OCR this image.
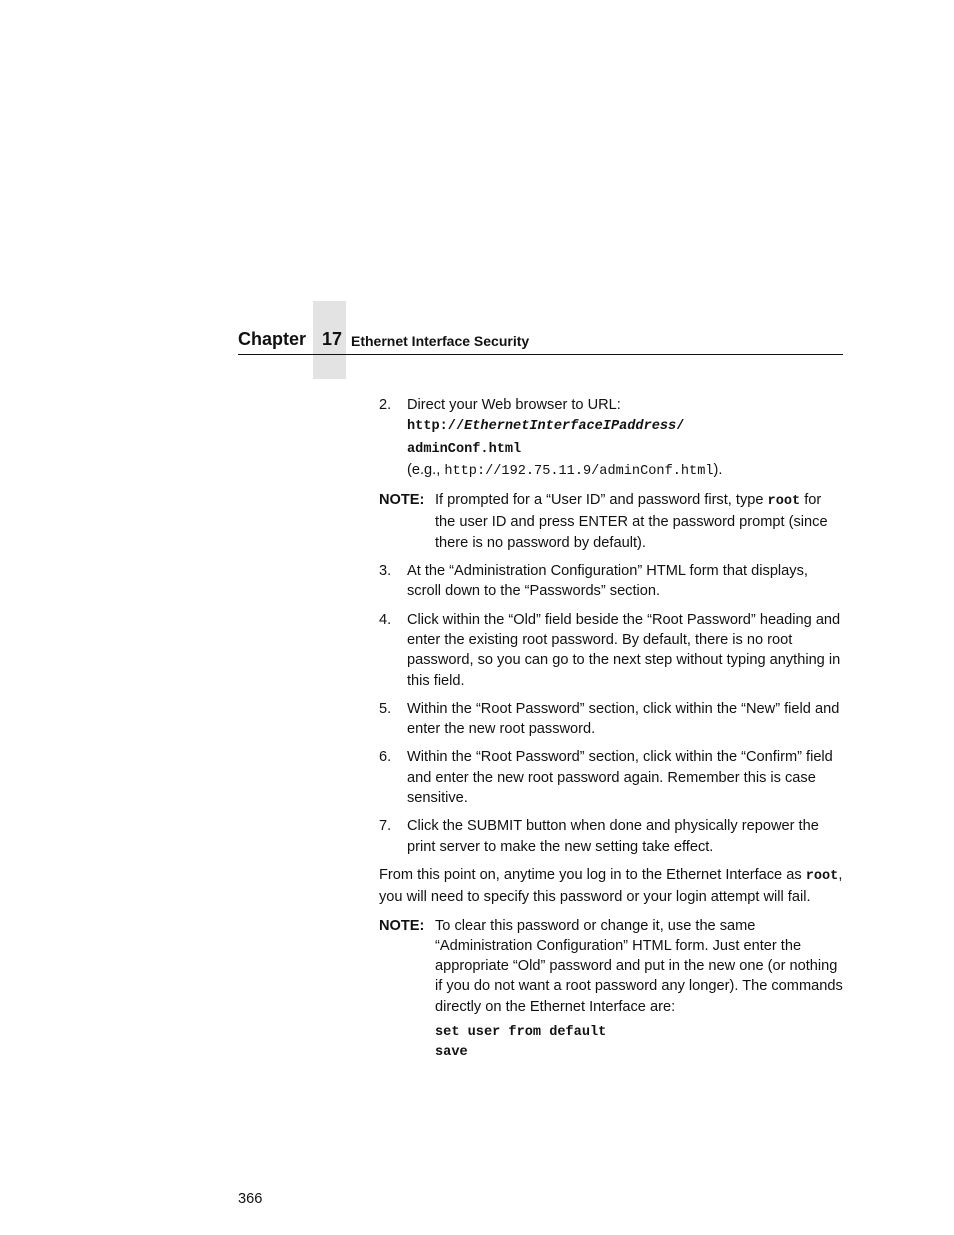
Chapter 17 Ethernet Interface Security
2.	Direct your Web browser to URL:
http://EthernetInterfaceIPaddress/
adminConf.html
(e.g., http://192.75.11.9/adminConf.html).
NOTE: If prompted for a “User ID” and password first, type root for the user ID and press ENTER at the password prompt (since there is no password by default).
3.	At the “Administration Configuration” HTML form that displays, scroll down to the “Passwords” section.
4.	Click within the “Old” field beside the “Root Password” heading and enter the existing root password. By default, there is no root password, so you can go to the next step without typing anything in this field.
5.	Within the “Root Password” section, click within the “New” field and enter the new root password.
6.	Within the “Root Password” section, click within the “Confirm” field and enter the new root password again. Remember this is case sensitive.
7.	Click the SUBMIT button when done and physically repower the print server to make the new setting take effect.
From this point on, anytime you log in to the Ethernet Interface as root, you will need to specify this password or your login attempt will fail.
NOTE: To clear this password or change it, use the same “Administration Configuration” HTML form. Just enter the appropriate “Old” password and put in the new one (or nothing if you do not want a root password any longer). The commands directly on the Ethernet Interface are:
set user from default
save
366
